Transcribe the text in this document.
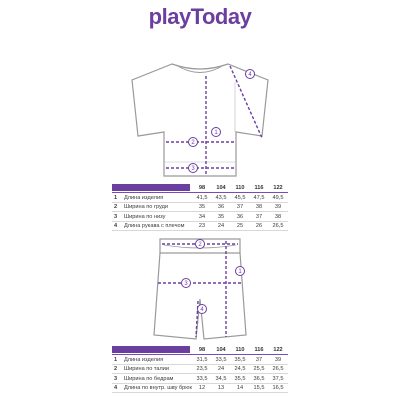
playToday
1
2
3
4
98	104	110	116	122
1 Длина изделия	41,5	43,5	45,5	47,5	49,5
2 Ширина по груди	35	36	37	38	39
3 Ширина по низу	34	35	36	37	38
4 Длина рукава с плечом	23	24	25	26	26,5
1
2
3
4
98	104	110	116	122
1 Длина изделия	31,5	33,5	35,5	37	39
2 Ширина по талии	23,5	24	24,5	25,5	26,5
3 Ширина по бедрам	33,5	34,5	35,5	36,5	37,5
4 Длина по внутр. шву брюк	12	13	14	15,5	16,5
